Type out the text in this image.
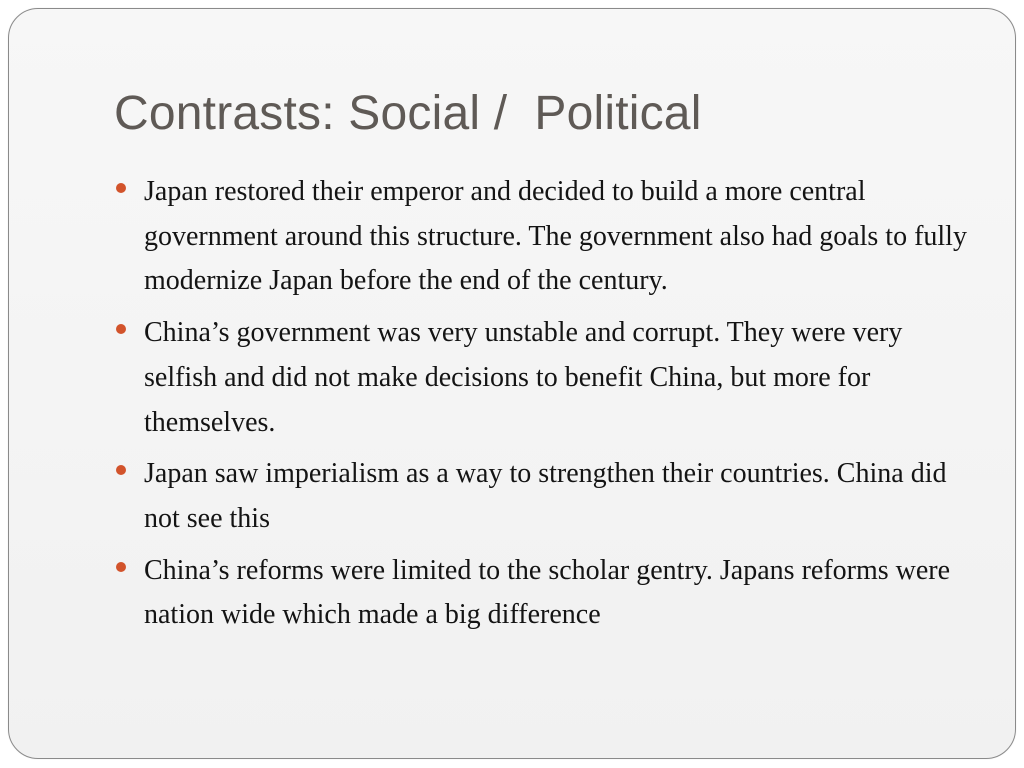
Contrasts: Social /  Political
Japan restored their emperor and decided to build a more central government around this structure. The government also had goals to fully modernize Japan before the end of the century.
China’s government was very unstable and corrupt. They were very selfish and did not make decisions to benefit China, but more for themselves.
Japan saw imperialism as a way to strengthen their countries. China did not see this
China’s reforms were limited to the scholar gentry. Japans reforms were nation wide which made a big difference
